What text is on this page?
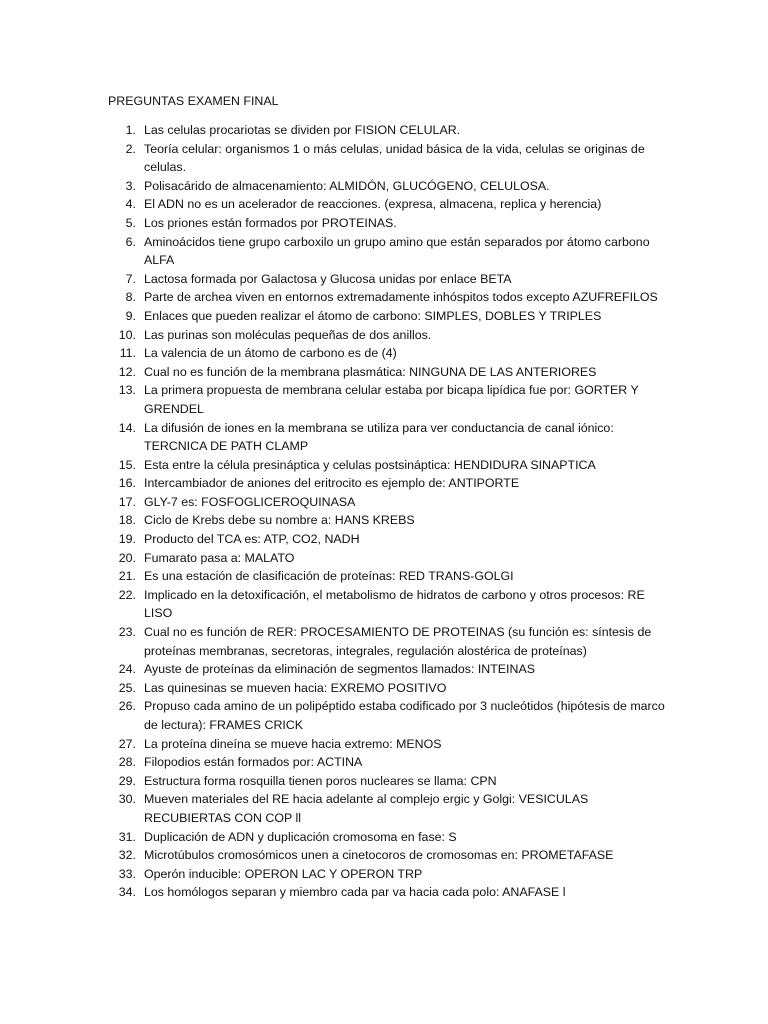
PREGUNTAS EXAMEN FINAL
1. Las celulas procariotas se dividen por FISION CELULAR.
2. Teoría celular: organismos 1 o más celulas, unidad básica de la vida, celulas se originas de celulas.
3. Polisacárido de almacenamiento: ALMIDÓN, GLUCÓGENO, CELULOSA.
4. El ADN no es un acelerador de reacciones. (expresa, almacena, replica y herencia)
5. Los priones están formados por PROTEINAS.
6. Aminoácidos tiene grupo carboxilo un grupo amino que están separados por átomo carbono ALFA
7. Lactosa formada por Galactosa y Glucosa unidas por enlace BETA
8. Parte de archea viven en entornos extremadamente inhóspitos todos excepto AZUFREFILOS
9. Enlaces que pueden realizar el átomo de carbono: SIMPLES, DOBLES Y TRIPLES
10. Las purinas son moléculas pequeñas de dos anillos.
11. La valencia de un átomo de carbono es de (4)
12. Cual no es función de la membrana plasmática: NINGUNA DE LAS ANTERIORES
13. La primera propuesta de membrana celular estaba por bicapa lipídica fue por: GORTER Y GRENDEL
14. La difusión de iones en la membrana se utiliza para ver conductancia de canal iónico: TERCNICA DE PATH CLAMP
15. Esta entre la célula presináptica y celulas postsináptica: HENDIDURA SINAPTICA
16. Intercambiador de aniones del eritrocito es ejemplo de: ANTIPORTE
17. GLY-7 es: FOSFOGLICEROQUINASA
18. Ciclo de Krebs debe su nombre a: HANS KREBS
19. Producto del TCA es: ATP, CO2, NADH
20. Fumarato pasa a: MALATO
21. Es una estación de clasificación de proteínas: RED TRANS-GOLGI
22. Implicado en la detoxificación, el metabolismo de hidratos de carbono y otros procesos: RE LISO
23. Cual no es función de RER: PROCESAMIENTO DE PROTEINAS (su función es: síntesis de proteínas membranas, secretoras, integrales, regulación alostérica de proteínas)
24. Ayuste de proteínas da eliminación de segmentos llamados: INTEINAS
25. Las quinesinas se mueven hacia: EXREMO POSITIVO
26. Propuso cada amino de un polipéptido estaba codificado por 3 nucleótidos (hipótesis de marco de lectura): FRAMES CRICK
27. La proteína dineína se mueve hacia extremo: MENOS
28. Filopodios están formados por: ACTINA
29. Estructura forma rosquilla tienen poros nucleares se llama: CPN
30. Mueven materiales del RE hacia adelante al complejo ergic y Golgi: VESICULAS RECUBIERTAS CON COP ll
31. Duplicación de ADN y duplicación cromosoma en fase: S
32. Microtúbulos cromosómicos unen a cinetocoros de cromosomas en: PROMETAFASE
33. Operón inducible: OPERON LAC Y OPERON TRP
34. Los homólogos separan y miembro cada par va hacia cada polo: ANAFASE l
